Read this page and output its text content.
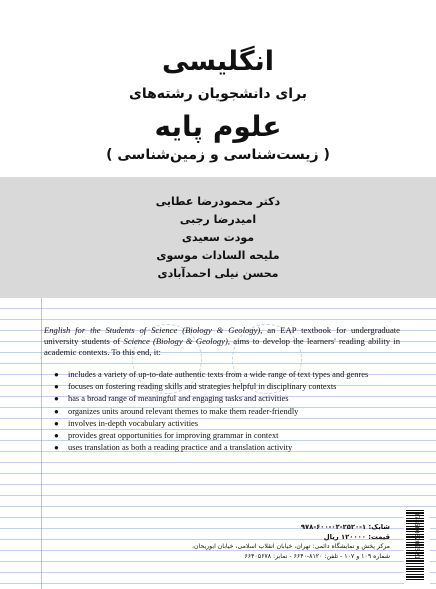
انگلیسی
برای دانشجویان رشته‌های
علوم پایه
( زیست‌شناسی و زمین‌شناسی )
دکتر محمودرضا عطایی
امیدرضا رجبی
مودت سعیدی
ملیحه السادات موسوی
محسن نیلی احمدآبادی

English for the Students of Science (Biology & Geology), an EAP textbook for undergraduate university students of Science (Biology & Geology), aims to develop the learners' reading ability in academic contexts. To this end, it:

● includes a variety of up-to-date authentic texts from a wide range of text types and genres
● focuses on fostering reading skills and strategies helpful in disciplinary contexts
● has a broad range of meaningful and engaging tasks and activities
● organizes units around relevant themes to make them reader-friendly
● involves in-depth vocabulary activities
● provides great opportunities for improving grammar in context
● uses translation as both a reading practice and a translation activity
شابک: ۱-۲۵۲۰-۰۲-۶۰۰-۹۷۸
قیمت: ۱۲۰۰۰۰ ریال
مرکز پخش و نمایشگاه دائمی: تهران، خیابان انقلاب اسلامی، خیابان ابوریحان،
شماره ۱۰۹ و ۱۰۷ - تلفن: ۸۱۲۰-۶۶۴۰ - نمابر: ۶۶۴۰۵۶۷۸	9786000202521
